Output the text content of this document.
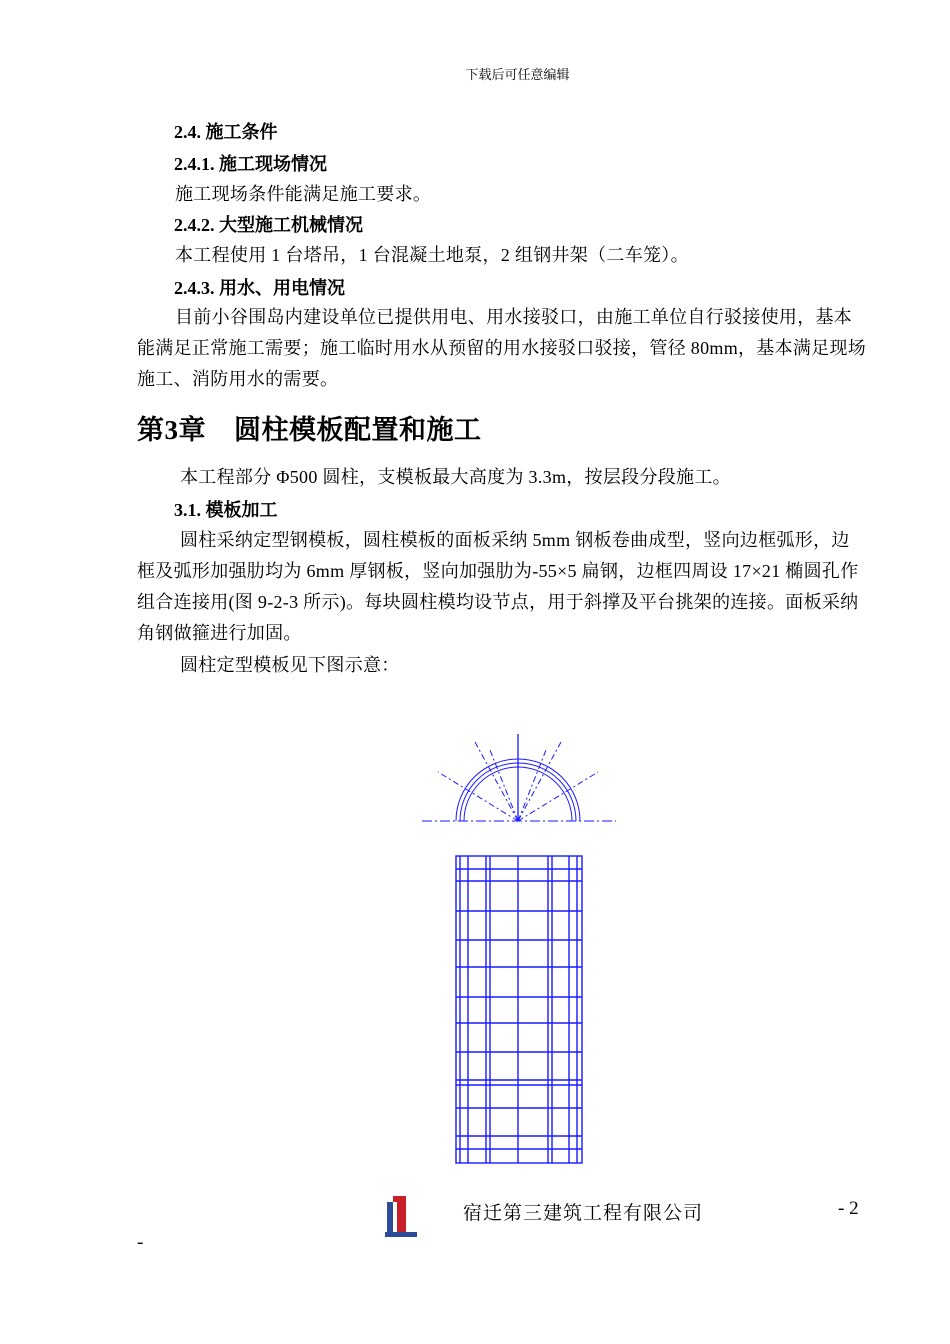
下载后可任意编辑
2.4. 施工条件
2.4.1. 施工现场情况
施工现场条件能满足施工要求。
2.4.2. 大型施工机械情况
本工程使用 1 台塔吊，1 台混凝土地泵，2 组钢井架（二车笼）。
2.4.3. 用水、用电情况
目前小谷围岛内建设单位已提供用电、用水接驳口，由施工单位自行驳接使用，基本能满足正常施工需要；施工临时用水从预留的用水接驳口驳接，管径 80mm，基本满足现场施工、消防用水的需要。
第3章 圆柱模板配置和施工
本工程部分 Φ500 圆柱，支模板最大高度为 3.3m，按层段分段施工。
3.1. 模板加工
圆柱采纳定型钢模板，圆柱模板的面板采纳 5mm 钢板卷曲成型，竖向边框弧形，边框及弧形加强肋均为 6mm 厚钢板，竖向加强肋为-55×5 扁钢，边框四周设 17×21 椭圆孔作组合连接用(图 9-2-3 所示)。每块圆柱模均设节点，用于斜撑及平台挑架的连接。面板采纳角钢做箍进行加固。
圆柱定型模板见下图示意：
宿迁第三建筑工程有限公司	- 2
-
